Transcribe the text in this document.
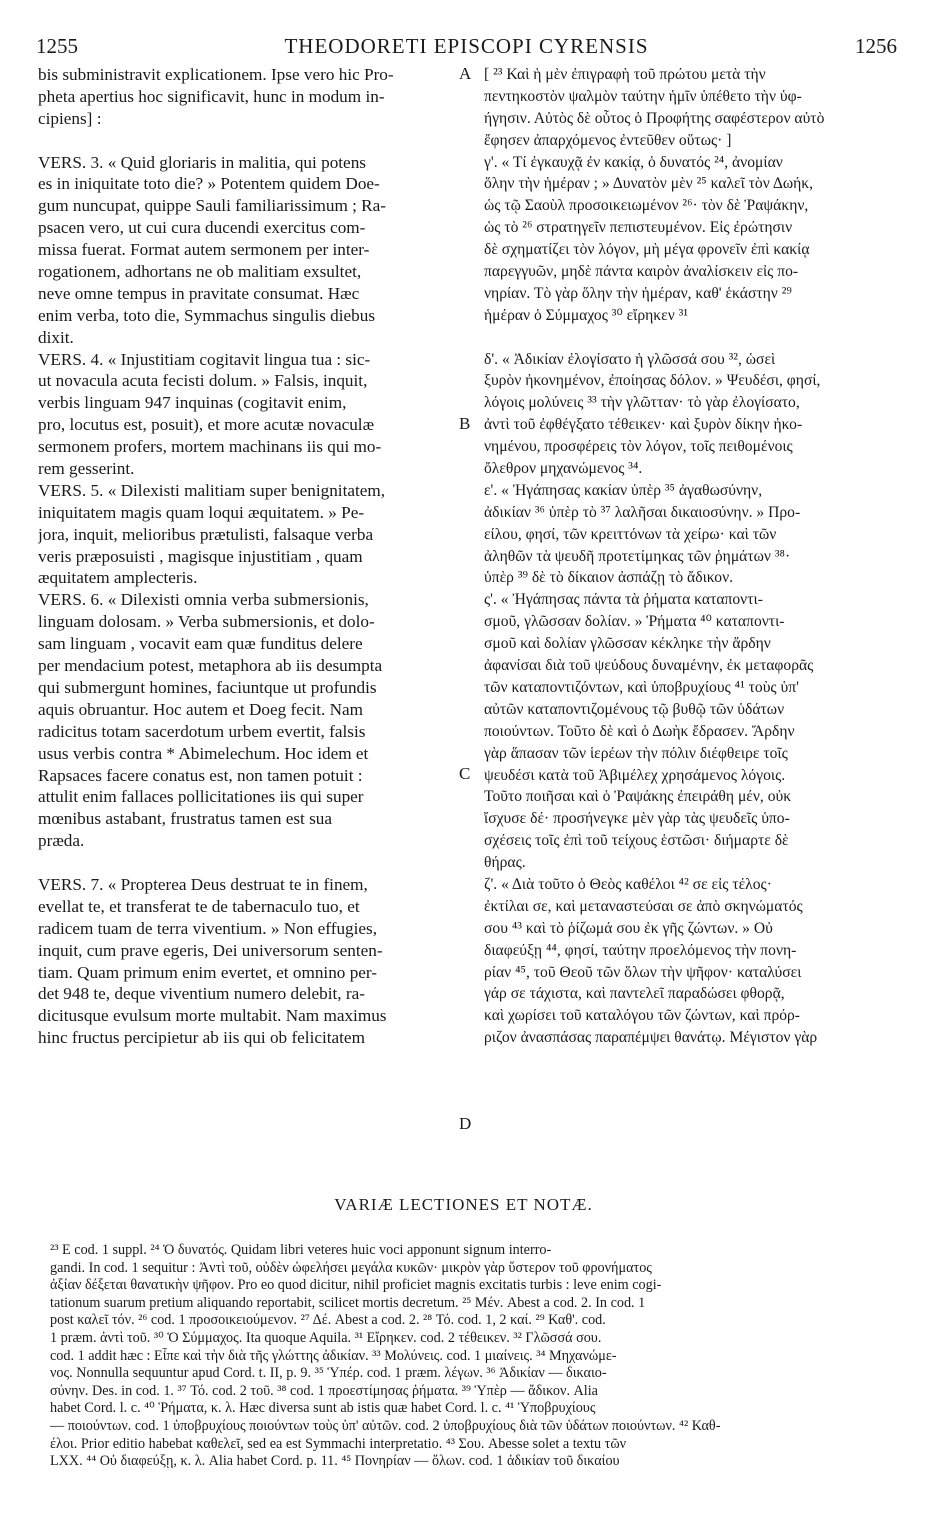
1255	THEODORETI EPISCOPI CYRENSIS	1256
bis subministravit explicationem. Ipse vero hic Pro-
pheta apertius hoc significavit, hunc in modum in-
cipiens] :
VERS. 3. « Quid gloriaris in malitia, qui potens
es in iniquitate toto die? » Potentem quidem Doe-
gum nuncupat, quippe Sauli familiarissimum ; Ra-
psacen vero, ut cui cura ducendi exercitus com-
missa fuerat. Format autem sermonem per inter-
rogationem, adhortans ne ob malitiam exsultet,
neve omne tempus in pravitate consumat. Hæc
enim verba, toto die, Symmachus singulis diebus
dixit.
VERS. 4. « Injustitiam cogitavit lingua tua : sic-
ut novacula acuta fecisti dolum. » Falsis, inquit,
verbis linguam 947 inquinas (cogitavit enim,
pro, locutus est, posuit), et more acutæ novaculæ
sermonem profers, mortem machinans iis qui mo-
rem gesserint.
VERS. 5. « Dilexisti malitiam super benignitatem,
iniquitatem magis quam loqui æquitatem. » Pe-
jora, inquit, melioribus prætulisti, falsaque verba
veris præposuisti , magisque injustitiam , quam
æquitatem amplecteris.
VERS. 6. « Dilexisti omnia verba submersionis,
linguam dolosam. » Verba submersionis, et dolo-
sam linguam , vocavit eam quæ funditus delere
per mendacium potest, metaphora ab iis desumpta
qui submergunt homines, faciuntque ut profundis
aquis obruantur. Hoc autem et Doeg fecit. Nam
radicitus totam sacerdotum urbem evertit, falsis
usus verbis contra * Abimelechum. Hoc idem et
Rapsaces facere conatus est, non tamen potuit :
attulit enim fallaces pollicitationes iis qui super
mœnibus astabant, frustratus tamen est sua
præda.
VERS. 7. « Propterea Deus destruat te in finem,
evellat te, et transferat te de tabernaculo tuo, et
radicem tuam de terra viventium. » Non effugies,
inquit, cum prave egeris, Dei universorum senten-
tiam. Quam primum enim evertet, et omnino per-
det 948 te, deque viventium numero delebit, ra-
dicitusque evulsum morte multabit. Nam maximus
hinc fructus percipietur ab iis qui ob felicitatem
[ ²³ Καὶ ἡ μὲν ἐπιγραφὴ τοῦ πρώτου μετὰ τὴν
πεντηκοστὸν ψαλμὸν ταύτην ἡμῖν ὑπέθετο τὴν ὑφ-
ήγησιν. Αὐτὸς δὲ οὗτος ὁ Προφήτης σαφέστερον αὐτὸ
ἔφησεν ἀπαρχόμενος ἐντεῦθεν οὕτως· ]
γ'. « Τί ἐγκαυχᾷ ἐν κακίᾳ, ὁ δυνατός ²⁴, ἀνομίαν
ὅλην τὴν ἡμέραν ; » Δυνατὸν μὲν ²⁵ καλεῖ τὸν Δωήκ,
ὡς τῷ Σαοὺλ προσοικειωμένον ²⁶· τὸν δὲ Ῥαψάκην,
ὡς τὸ ²⁶ στρατηγεῖν πεπιστευμένον. Εἰς ἐρώτησιν
δὲ σχηματίζει τὸν λόγον, μὴ μέγα φρονεῖν ἐπὶ κακίᾳ
παρεγγυῶν, μηδὲ πάντα καιρὸν ἀναλίσκειν εἰς πο-
νηρίαν. Τὸ γὰρ ὅλην τὴν ἡμέραν, καθ' ἑκάστην ²⁹
ἡμέραν ὁ Σύμμαχος ³⁰ εἴρηκεν ³¹
δ'. « Ἀδικίαν ἐλογίσατο ἡ γλῶσσά σου ³², ὡσεὶ
ξυρὸν ἠκονημένον, ἐποίησας δόλον. » Ψευδέσι, φησί,
λόγοις μολύνεις ³³ τὴν γλῶτταν· τὸ γὰρ ἐλογίσατο,
ἀντὶ τοῦ ἐφθέγξατο τέθεικεν· καὶ ξυρὸν δίκην ἠκο-
νημένου, προσφέρεις τὸν λόγον, τοῖς πειθομένοις
ὄλεθρον μηχανώμενος ³⁴.
ε'. « Ἠγάπησας κακίαν ὑπὲρ ³⁵ ἀγαθωσύνην,
ἀδικίαν ³⁶ ὑπὲρ τὸ ³⁷ λαλῆσαι δικαιοσύνην. » Προ-
είλου, φησί, τῶν κρειττόνων τὰ χείρω· καὶ τῶν
ἀληθῶν τὰ ψευδῆ προτετίμηκας τῶν ῥημάτων ³⁸·
ὑπὲρ ³⁹ δὲ τὸ δίκαιον ἀσπάζῃ τὸ ἄδικον.
ς'. « Ἠγάπησας πάντα τὰ ῥήματα καταποντι-
σμοῦ, γλῶσσαν δολίαν. » Ῥήματα ⁴⁰ καταποντι-
σμοῦ καὶ δολίαν γλῶσσαν κέκληκε τὴν ἄρδην
ἀφανίσαι διὰ τοῦ ψεύδους δυναμένην, ἐκ μεταφορᾶς
τῶν καταποντιζόντων, καὶ ὑποβρυχίους ⁴¹ τοὺς ὑπ'
αὐτῶν καταποντιζομένους τῷ βυθῷ τῶν ὑδάτων
ποιούντων. Τοῦτο δὲ καὶ ὁ Δωὴκ ἔδρασεν. Ἄρδην
γὰρ ἅπασαν τῶν ἱερέων τὴν πόλιν διέφθειρε τοῖς
ψευδέσι κατὰ τοῦ Ἀβιμέλεχ χρησάμενος λόγοις.
Τοῦτο ποιῆσαι καὶ ὁ Ῥαψάκης ἐπειράθη μέν, οὐκ
ἴσχυσε δέ· προσήνεγκε μὲν γὰρ τὰς ψευδεῖς ὑπο-
σχέσεις τοῖς ἐπὶ τοῦ τείχους ἑστῶσι· διήμαρτε δὲ
θήρας.
ζ'. « Διὰ τοῦτο ὁ Θεὸς καθέλοι ⁴² σε εἰς τέλος·
ἐκτίλαι σε, καὶ μεταναστεύσαι σε ἀπὸ σκηνώματός
σου ⁴³ καὶ τὸ ῥίζωμά σου ἐκ γῆς ζώντων. » Οὐ
διαφεύξῃ ⁴⁴, φησί, ταύτην προελόμενος τὴν πονη-
ρίαν ⁴⁵, τοῦ Θεοῦ τῶν ὅλων τὴν ψῆφον· καταλύσει
γάρ σε τάχιστα, καὶ παντελεῖ παραδώσει φθορᾷ,
καὶ χωρίσει τοῦ καταλόγου τῶν ζώντων, καὶ πρόρ-
ριζον ἀνασπάσας παραπέμψει θανάτῳ. Μέγιστον γὰρ
A
B
C
D
VARIÆ LECTIONES ET NOTÆ.
²³ E cod. 1 suppl. ²⁴ Ὁ δυνατός. Quidam libri veteres huic voci apponunt signum interro-
gandi. In cod. 1 sequitur : Ἀντὶ τοῦ, οὐδὲν ὠφελήσει μεγάλα κυκῶν· μικρὸν γὰρ ὕστερον τοῦ φρονήματος
ἀξίαν δέξεται θανατικὴν ψῆφον. Pro eo quod dicitur, nihil proficiet magnis excitatis turbis : leve enim cogi-
tationum suarum pretium aliquando reportabit, scilicet mortis decretum. ²⁵ Μέν. Abest a cod. 2. In cod. 1
post καλεῖ τόν. ²⁶ cod. 1 προσοικειούμενον. ²⁷ Δέ. Abest a cod. 2. ²⁸ Τό. cod. 1, 2 καί. ²⁹ Καθ'. cod.
1 præm. ἀντὶ τοῦ. ³⁰ Ὁ Σύμμαχος. Ita quoque Aquila. ³¹ Εἴρηκεν. cod. 2 τέθεικεν. ³² Γλῶσσά σου.
cod. 1 addit hæc : Εἶπε καὶ τὴν διὰ τῆς γλώττης ἀδικίαν. ³³ Μολύνεις. cod. 1 μιαίνεις. ³⁴ Μηχανώμε-
νος. Nonnulla sequuntur apud Cord. t. II, p. 9. ³⁵ Ὑπέρ. cod. 1 præm. λέγων. ³⁶ Ἀδικίαν — δικαιο-
σύνην. Des. in cod. 1. ³⁷ Τό. cod. 2 τοῦ. ³⁸ cod. 1 προεστίμησας ῥήματα. ³⁹ Ὑπὲρ — ἄδικον. Alia
habet Cord. l. c. ⁴⁰ Ῥήματα, κ. λ. Hæc diversa sunt ab istis quæ habet Cord. l. c. ⁴¹ Ὑποβρυχίους
— ποιούντων. cod. 1 ὑποβρυχίους ποιούντων τοὺς ὑπ' αὐτῶν. cod. 2 ὑποβρυχίους διὰ τῶν ὑδάτων ποιούντων. ⁴² Καθ-
έλοι. Prior editio habebat καθελεῖ, sed ea est Symmachi interpretatio. ⁴³ Σου. Abesse solet a textu τῶν
LXX. ⁴⁴ Οὐ διαφεύξῃ, κ. λ. Alia habet Cord. p. 11. ⁴⁵ Πονηρίαν — ὅλων. cod. 1 ἀδικίαν τοῦ δικαίου
